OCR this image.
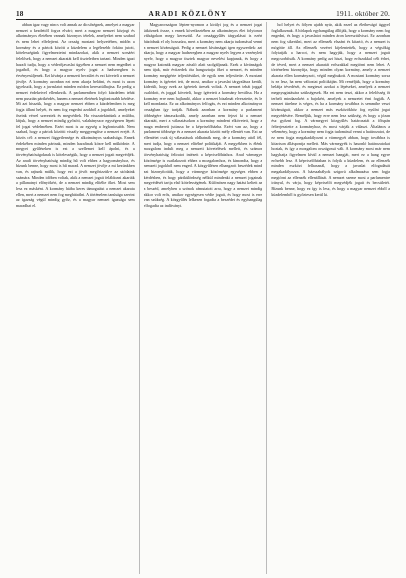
18	ARADI KÖZLÖNY	1911. október 20.

abban igaz vagy nincs volt annak az dicsőségnek, amelyet a magyar nemzet a kezdettől fogva elvárt; mert a magyar nemzet közjogi és alkotmányos életében vannak bizonyos tételek, amelyeket nem szabad és nem lehet elfelejteni. Az ország mostani helyzetében, midőn a kormány és a pártok között a küzdelem a legélesebb fokára jutott, kötelességünk figyelmeztetni mindazokat, akik a nemzet sorsáért felelősek, hogy a nemzet akaratát kell tiszteletben tartani. Minden igazi hazafi tudja, hogy a véderőjavaslat ügyében a nemzet nem engedhet a jogaiból, és hogy a magyar nyelv jogai a hadseregben is érvényesüljenek. Ezt kívánja a nemzeti becsület és ezt követeli a nemzet jövője. A kormány azonban ezt nem akarja belátni, és most is azon igyekszik, hogy a javaslatot minden módon keresztülhajtsa. Ez pedig a nemzet érdekeivel ellenkezik. A parlamentben folyó küzdelem tehát nem pusztán pártkérdés, hanem a nemzet életének legfontosabb kérdése. Mi azt hisszük, hogy a magyar nemzet ebben a küzdelemben is meg fogja állani helyét, és nem fog engedni azokból a jogokból, amelyeket őseink vérrel szereztek és megvédtek. Ha visszatekintünk a múltba, látjuk, hogy a nemzet mindig győzött, valahányszor egységesen lépett fel jogai védelmében. Ezért most is az egység a legfontosabb. Nem szabad, hogy a pártok közötti viszály meggyengítse a nemzet erejét. A közös cél: a nemzet függetlensége és alkotmányos szabadsága. Ennek érdekében minden pártnak, minden hazafinak közre kell működnie. A megyei gyűléseken is ezt a szellemet kell ápolni, és a törvényhatóságoknak is kötelességük, hogy a nemzet jogait megvédjék. Az aradi törvényhatóság mindig hű volt ehhez a hagyományhoz, és bízunk benne, hogy most is hű marad. A nemzet jövője a mi kezünkben van, és rajtunk múlik, hogy ezt a jövőt megőrizzük-e az utódaink számára. Minden időben voltak, akik a nemzet jogait feláldozni akarták a pillanatnyi előnyökért, de a nemzet mindig elítélte őket. Most sem lesz ez másként. A kormány hiába keres támogatást a nemzet akarata ellen, mert a nemzet nem fog meghátrálni. A történelem tanúsága szerint az igazság végül mindig győz, és a magyar nemzet igazsága sem maradhat el.

Magyarországon lépten-nyomon a királyi jog és a nemzet jogai ütköznek össze, s ennek következtében az alkotmányos élet folytonos válságokon megy keresztül. Az országgyűlés tárgyalásai is ezért húzódnak el oly hosszúra, mert a kormány nem akarja tudomásul venni a nemzet kívánságait. Pedig a nemzet kívánságai igen egyszerűek: azt akarja, hogy a magyar hadseregben a magyar nyelv legyen a vezényleti nyelv, hogy a magyar tisztek magyar nevelést kapjanak, és hogy a magyar katonák magyar zászló alatt szolgáljanak. Ezek a kívánságok nem újak, már évtizedek óta hangoztatja őket a nemzet, és minden kormány megígérte teljesítésüket, de egyik sem teljesítette. A mostani kormány is ígéretet tett, de most, amikor a javaslat tárgyalásra került, kiderült, hogy ezek az ígéretek üresek voltak. A nemzet tehát joggal csalódott, és joggal követeli, hogy ígéreteit a kormány beváltsa. Ha a kormány erre nem hajlandó, akkor a nemzet bizalmát elvesztette, és le kell mondania. Ez az alkotmányos felfogás, és ezt minden alkotmányos országban így tartják. Nálunk azonban a kormány a parlament többségére támaszkodik, amely azonban nem fejezi ki a nemzet akaratát, mert a választásokon a kormány mindent elkövetett, hogy a maga embereit juttassa be a képviselőházba. Ezért van az, hogy a parlament többsége és a nemzet akarata között mély ellentét van. Ezt az ellentétet csak új választások oldhatnák meg, de a kormány attól fél, mert tudja, hogy a nemzet elítélné politikáját. A megyékben is élénk mozgalom indult meg a nemzeti követelések mellett, és számos törvényhatóság feliratot intézett a képviselőházhoz. Arad vármegye közönsége is csatlakozott ehhez a mozgalomhoz, és kimondta, hogy a nemzeti jogokból nem enged. A közgyűlésen elhangzott beszédek mind azt bizonyították, hogy a vármegye közönsége egységes ebben a kérdésben, és hogy pártkülönbség nélkül mindenki a nemzet jogainak megvédését tartja első kötelességének. Különösen nagy hatást keltett az a beszéd, amelyben a szónok rámutatott arra, hogy a nemzet mindig akkor volt erős, amikor egységesen védte jogait, és hogy most is erre van szükség. A közgyűlés lelkesen fogadta a beszédet és egyhangúlag elfogadta az indítványt.

hol helyet és fölyen ujabb nyár, akik ezzel az életbevágó üggyel foglalkoznak. A hírlapok egyhangúlag állítják, hogy a kormány nem fog engedni, és hogy a javaslatot minden áron keresztülviszi. Ez azonban nem fog sikerülni, mert az ellenzék elszánt és kitartó, és a nemzet is mögötte áll. Az ellenzék vezérei kijelentették, hogy a végsőkig folytatják a harcot, és nem hagyják, hogy a nemzet jogait megcsorbítsák. A kormány pedig azt hiszi, hogy erőszakkal célt érhet, de téved, mert a nemzet akaratát erőszakkal megtörni nem lehet. A történelem bizonyítja, hogy minden olyan kormány, amely a nemzet akarata ellen kormányzott, végül megbukott. A mostani kormány sorsa is ez lesz, ha nem változtat politikáján. Mi reméljük, hogy a kormány belátja tévedését, és megteszi azokat a lépéseket, amelyek a nemzet megnyugtatására szükségesek. Ha ezt nem teszi, akkor a felelősség őt terheli mindazokért a bajokért, amelyek a nemzetet érni fogják. A nemzet türelme is véges, és ha a kormány továbbra is semmibe veszi kívánságait, akkor a nemzet más eszközökhöz fog nyúlni jogai megvédésére. Reméljük, hogy erre nem lesz szükség, és hogy a józan ész győzni fog. A vármegyei közgyűlés határozatát a főispán felterjesztette a kormányhoz, és most várják a választ. Általános a vélemény, hogy a kormány nem fogja tudomásul venni a határozatot, de ez nem fogja megakadályozni a vármegyét abban, hogy továbbra is kitartson álláspontja mellett. Más vármegyék is hasonló határozatokat hoztak, és így a mozgalom országossá vált. A kormány most már nem hagyhatja figyelmen kívül a nemzet hangját, mert ez a hang egyre erősebb lesz. A képviselőházban is folyik a küzdelem, és az ellenzék minden eszközt felhasznál, hogy a javaslat elfogadását megakadályozza. A házszabályok szigorú alkalmazása sem fogja megtörni az ellenzék ellenállását. A nemzet szeme most a parlamentre irányul, és várja, hogy képviselői megvédjék jogait és becsületét. Bízunk benne, hogy ez így is lesz, és hogy a magyar nemzet ebből a küzdelemből is győztesen kerül ki.
